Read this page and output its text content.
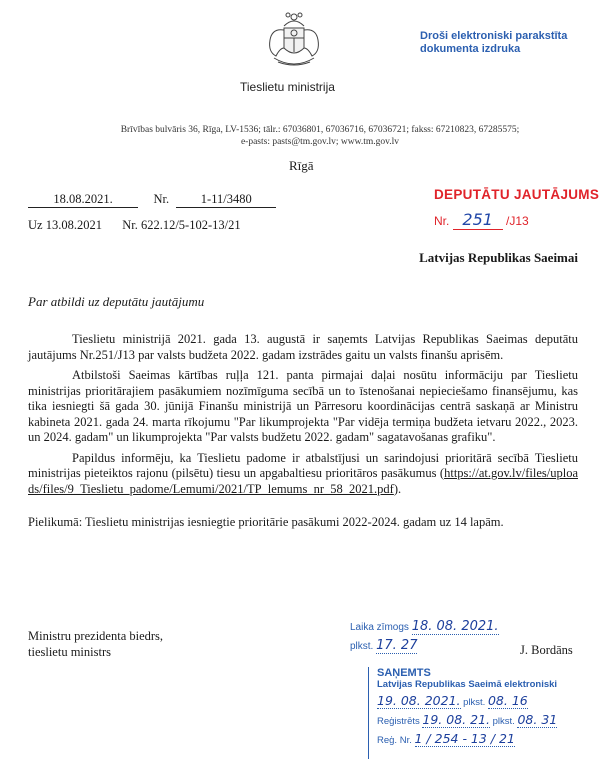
Tieslietu ministrija
Droši elektroniski parakstīta dokumenta izdruka
Brīvības bulvāris 36, Rīga, LV-1536; tālr.: 67036801, 67036716, 67036721; fakss: 67210823, 67285575;
e-pasts: pasts@tm.gov.lv; www.tm.gov.lv
Rīgā
18.08.2021.	Nr.	1-11/3480
Uz 13.08.2021 Nr. 622.12/5-102-13/21
DEPUTĀTU JAUTĀJUMS
Nr. 251 /J13
Latvijas Republikas Saeimai
Par atbildi uz deputātu jautājumu

Tieslietu ministrijā 2021. gada 13. augustā ir saņemts Latvijas Republikas Saeimas deputātu jautājums Nr.251/J13 par valsts budžeta 2022. gadam izstrādes gaitu un valsts finanšu aprisēm.

Atbilstoši Saeimas kārtības ruļļa 121. panta pirmajai daļai nosūtu informāciju par Tieslietu ministrijas prioritārajiem pasākumiem nozīmīguma secībā un to īstenošanai nepieciešamo finansējumu, kas tika iesniegti šā gada 30. jūnijā Finanšu ministrijā un Pārresoru koordinācijas centrā saskaņā ar Ministru kabineta 2021. gada 24. marta rīkojumu "Par likumprojekta "Par vidēja termiņa budžeta ietvaru 2022., 2023. un 2024. gadam" un likumprojekta "Par valsts budžetu 2022. gadam" sagatavošanas grafiku".

Papildus informēju, ka Tieslietu padome ir atbalstījusi un sarindojusi prioritārā secībā Tieslietu ministrijas pieteiktos rajonu (pilsētu) tiesu un apgabaltiesu prioritāros pasākumus (https://at.gov.lv/files/uploads/files/9_Tieslietu_padome/Lemumi/2021/TP_lemums_nr_58_2021.pdf).

Pielikumā: Tieslietu ministrijas iesniegtie prioritārie pasākumi 2022-2024. gadam uz 14 lapām.

Ministru prezidenta biedrs,
tieslietu ministrs	J. Bordāns
Laika zīmogs 18. 08. 2021.
plkst. 17. 27
SAŅEMTS
Latvijas Republikas Saeimā elektroniski
19. 08. 2021. plkst. 08. 16
Reģistrēts 19. 08. 21. plkst. 08. 31
Reģ. Nr. 1 / 254 - 13 / 21
